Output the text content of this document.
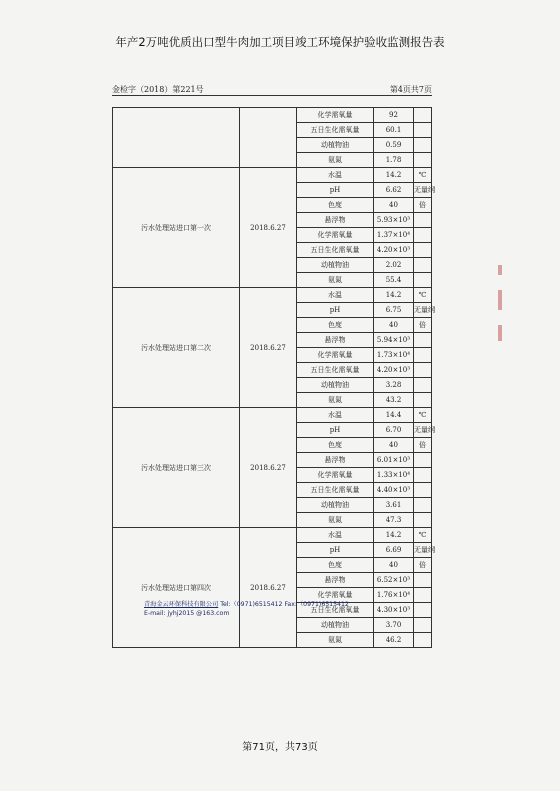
年产2万吨优质出口型牛肉加工项目竣工环境保护验收监测报告表
金检字（2018）第221号	第4页共7页
		化学需氧量	92	
		五日生化需氧量	60.1	
		动植物油	0.59	
		氨氮	1.78	
污水处理站进口第一次	2018.6.27	水温	14.2	℃
		pH	6.62	无量纲
		色度	40	倍
		悬浮物	5.93×10³	
		化学需氧量	1.37×10⁴	
		五日生化需氧量	4.20×10³	
		动植物油	2.02	
		氨氮	55.4	
污水处理站进口第二次	2018.6.27	水温	14.2	℃
		pH	6.75	无量纲
		色度	40	倍
		悬浮物	5.94×10³	
		化学需氧量	1.73×10⁴	
		五日生化需氧量	4.20×10³	
		动植物油	3.28	
		氨氮	43.2	
污水处理站进口第三次	2018.6.27	水温	14.4	℃
		pH	6.70	无量纲
		色度	40	倍
		悬浮物	6.01×10³	
		化学需氧量	1.33×10⁴	
		五日生化需氧量	4.40×10³	
		动植物油	3.61	
		氨氮	47.3	
污水处理站进口第四次	2018.6.27	水温	14.2	℃
		pH	6.69	无量纲
		色度	40	倍
		悬浮物	6.52×10³	
		化学需氧量	1.76×10⁴	
		五日生化需氧量	4.30×10³	
		动植物油	3.70	
		氨氮	46.2	
青海金云环保科技有限公司 Tel:（0971)6515412 Fax:（0971)6515412
E-mail: jyhj2015 @163.com
第71页，共73页
